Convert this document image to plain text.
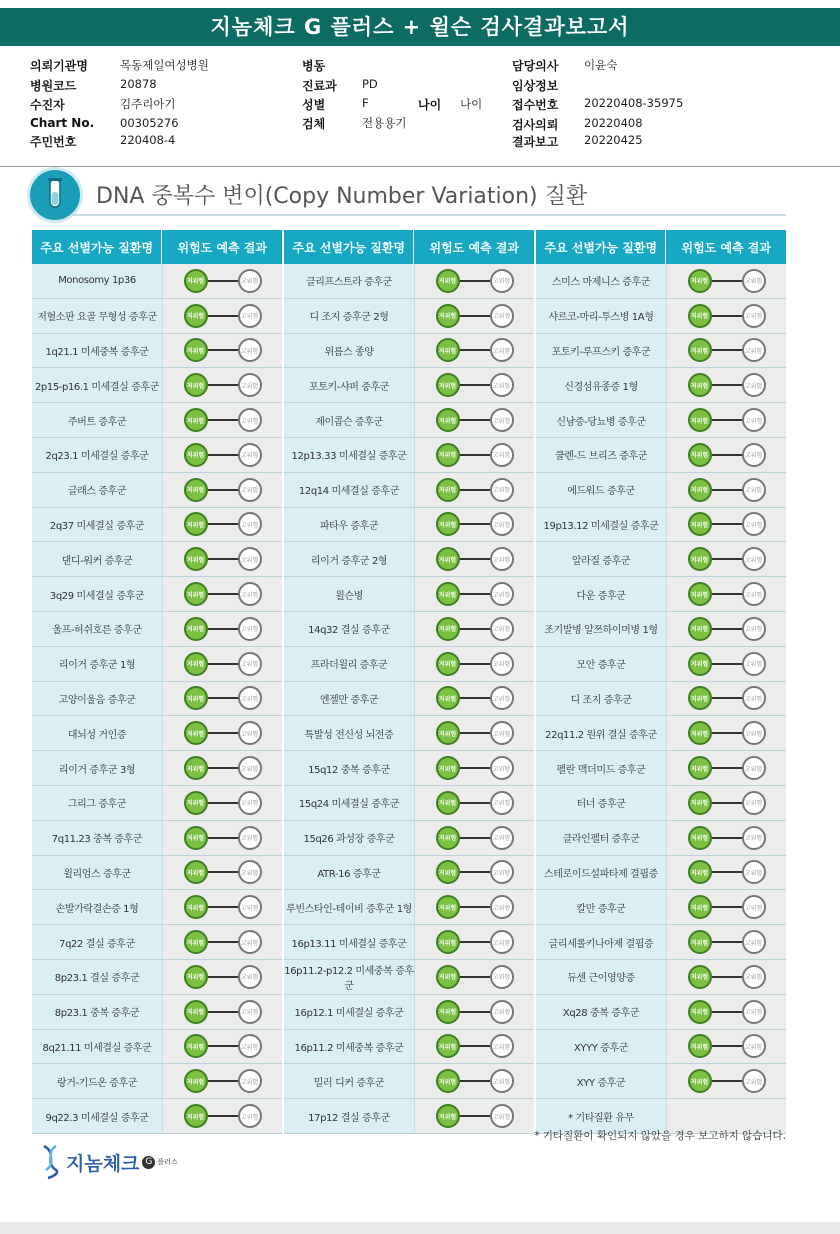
지놈체크 G 플러스 + 윌슨 검사결과보고서
의뢰기관명	목동제일여성병원
병원코드	20878
수진자	김주리아기
Chart No. 00305276
주민번호	220408-4
병동
진료과 PD
성별	F	나이 나이
검체	전용용기
담당의사 이윤숙
임상정보
접수번호 20220408-35975
검사의뢰 20220408
결과보고 20220425
DNA 중복수 변이(Copy Number Variation) 질환
주요 선별가능 질환명	위험도 예측 결과
Monosomy 1p36	저위험	고위험
저혈소판 요골 무형성 증후군	저위험	고위험
1q21.1 미세중복 증후군	저위험	고위험
2p15-p16.1 미세결실 증후군	저위험	고위험
주버트 증후군	저위험	고위험
2q23.1 미세결실 증후군	저위험	고위험
글래스 증후군	저위험	고위험
2q37 미세결실 증후군	저위험	고위험
댄디-워커 증후군	저위험	고위험
3q29 미세결실 증후군	저위험	고위험
울프-허쉬호른 증후군	저위험	고위험
리이거 증후군 1형	저위험	고위험
고양이울음 증후군	저위험	고위험
대뇌성 거인증	저위험	고위험
리이거 증후군 3형	저위험	고위험
그리그 증후군	저위험	고위험
7q11.23 중복 증후군	저위험	고위험
윌리엄스 증후군	저위험	고위험
손발가락결손증 1형	저위험	고위험
7q22 결실 증후군	저위험	고위험
8p23.1 결실 증후군	저위험	고위험
8p23.1 중복 증후군	저위험	고위험
8q21.11 미세결실 증후군	저위험	고위험
랑거-기드온 증후군	저위험	고위험
9q22.3 미세결실 증후군	저위험	고위험
주요 선별가능 질환명	위험도 예측 결과
클리프스트라 증후군	저위험	고위험
디 조지 증후군 2형	저위험	고위험
위름스 종양	저위험	고위험
포토키-샤퍼 증후군	저위험	고위험
제이콥슨 증후군	저위험	고위험
12p13.33 미세결실 증후군	저위험	고위험
12q14 미세결실 증후군	저위험	고위험
파타우 증후군	저위험	고위험
리이거 증후군 2형	저위험	고위험
윌슨병	저위험	고위험
14q32 결실 증후군	저위험	고위험
프라더윌리 증후군	저위험	고위험
엔젤만 증후군	저위험	고위험
특발성 전신성 뇌전증	저위험	고위험
15q12 중복 증후군	저위험	고위험
15q24 미세결실 증후군	저위험	고위험
15q26 과성장 증후군	저위험	고위험
ATR-16 증후군	저위험	고위험
루빈스타인-테이비 증후군 1형	저위험	고위험
16p13.11 미세결실 증후군	저위험	고위험
16p11.2-p12.2 미세중복 증후군
저위험	고위험
16p12.1 미세결실 증후군	저위험	고위험
16p11.2 미세중복 증후군	저위험	고위험
밀러 디커 증후군	저위험	고위험
17p12 결실 증후군	저위험	고위험
주요 선별가능 질환명	위험도 예측 결과
스미스 마제니스 증후군	저위험	고위험
샤르코-마리-투스병 1A형	저위험	고위험
포토키-루프스키 증후군	저위험	고위험
신경섬유종증 1형	저위험	고위험
신남증-당뇨병 증후군	저위험	고위험
쿨렌-드 브리즈 증후군	저위험	고위험
에드워드 증후군	저위험	고위험
19p13.12 미세결실 증후군	저위험	고위험
알라질 증후군	저위험	고위험
다운 증후군	저위험	고위험
조기발병 알쯔하이머병 1형	저위험	고위험
모안 증후군	저위험	고위험
디 조지 증후군	저위험	고위험
22q11.2 원위 결실 증후군	저위험	고위험
펠란 맥더미드 증후군	저위험	고위험
터너 증후군	저위험	고위험
클라인펠터 증후군	저위험	고위험
스테로이드설파타제 결핍증	저위험	고위험
칼만 증후군	저위험	고위험
글리세롤키나아제 결핍증	저위험	고위험
듀센 근이영양증	저위험	고위험
Xq28 중복 증후군	저위험	고위험
XYYY 증후군	저위험	고위험
XYY 증후군	저위험	고위험
* 기타질환 유무
* 기타질환이 확인되지 않았을 경우 보고하지 않습니다.
지놈체크 G 플러스
